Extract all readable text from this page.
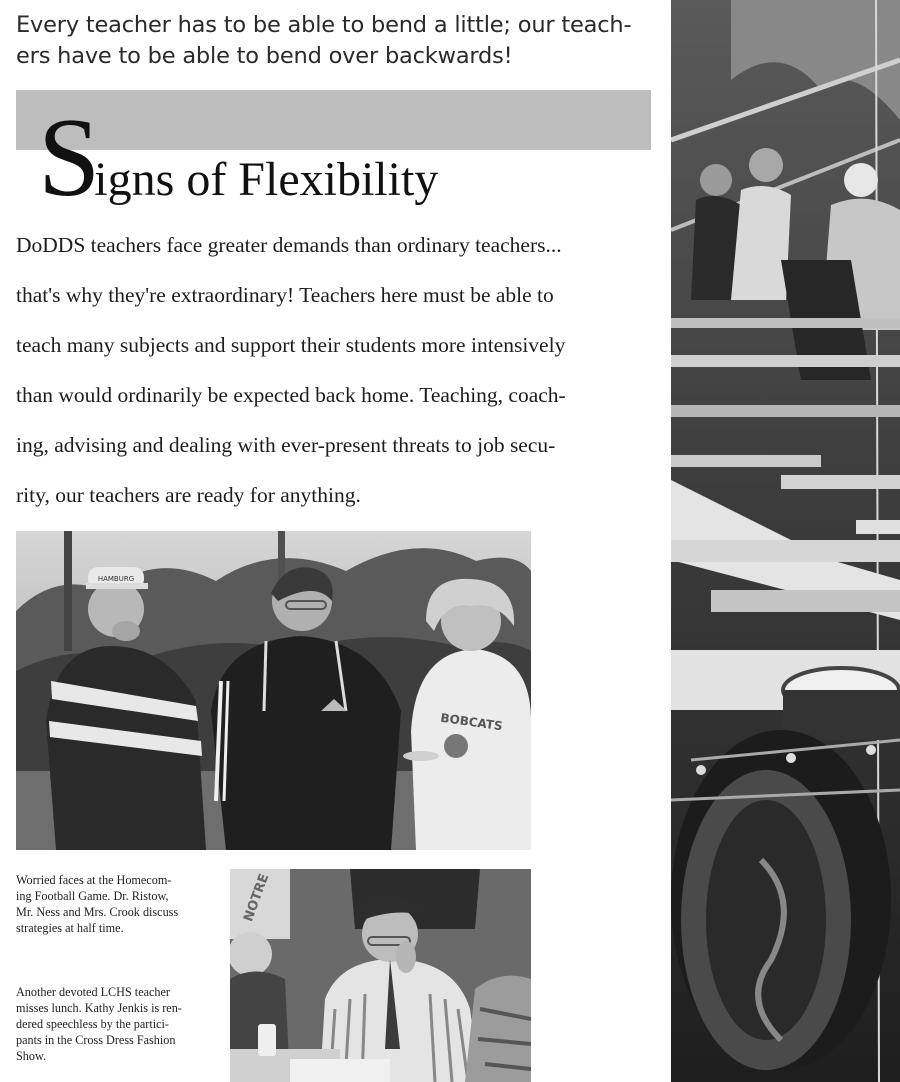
Every teacher has to be able to bend a little; our teach-
ers have to be able to bend over backwards!
Signs of Flexibility
DoDDS teachers face greater demands than ordinary teachers...
that's why they're extraordinary! Teachers here must be able to
teach many subjects and support their students more intensively
than would ordinarily be expected back home. Teaching, coach-
ing, advising and dealing with ever-present threats to job secu-
rity, our teachers are ready for anything.
HAMBURG
BOBCATS
Worried faces at the Homecom-
ing Football Game. Dr. Ristow,
Mr. Ness and Mrs. Crook discuss
strategies at half time.
Another devoted LCHS teacher
misses lunch. Kathy Jenkis is ren-
dered speechless by the partici-
pants in the Cross Dress Fashion
Show.
NOTRE
